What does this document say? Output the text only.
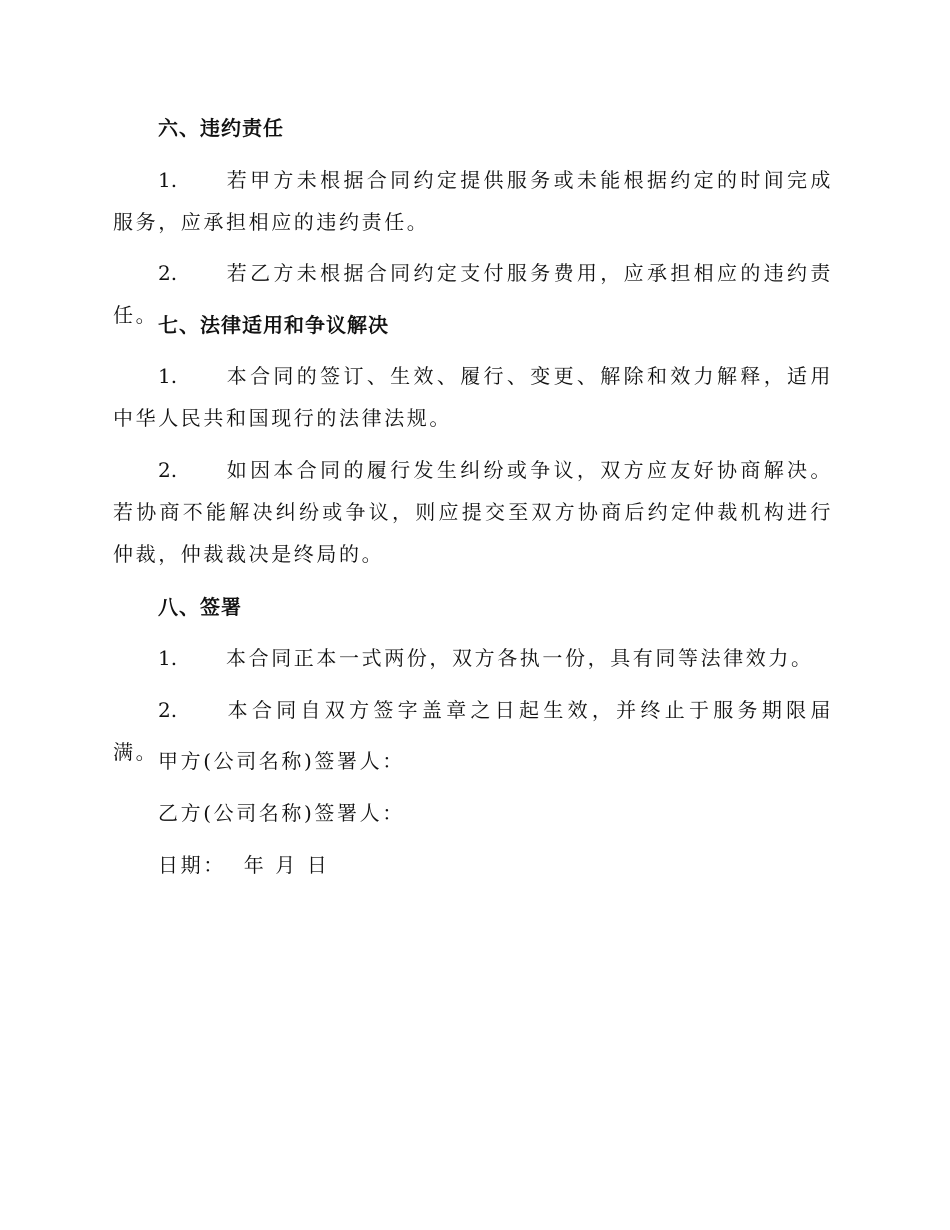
六、违约责任
1. 若甲方未根据合同约定提供服务或未能根据约定的时间完成服务，应承担相应的违约责任。
2. 若乙方未根据合同约定支付服务费用，应承担相应的违约责任。 七、法律适用和争议解决
1. 本合同的签订、生效、履行、变更、解除和效力解释，适用中华人民共和国现行的法律法规。
2. 如因本合同的履行发生纠纷或争议，双方应友好协商解决。若协商不能解决纠纷或争议，则应提交至双方协商后约定仲裁机构进行仲裁，仲裁裁决是终局的。
八、签署
1. 本合同正本一式两份，双方各执一份，具有同等法律效力。
2. 本合同自双方签字盖章之日起生效，并终止于服务期限届满。 甲方(公司名称)签署人：
乙方(公司名称)签署人：
日期：  年 月 日
